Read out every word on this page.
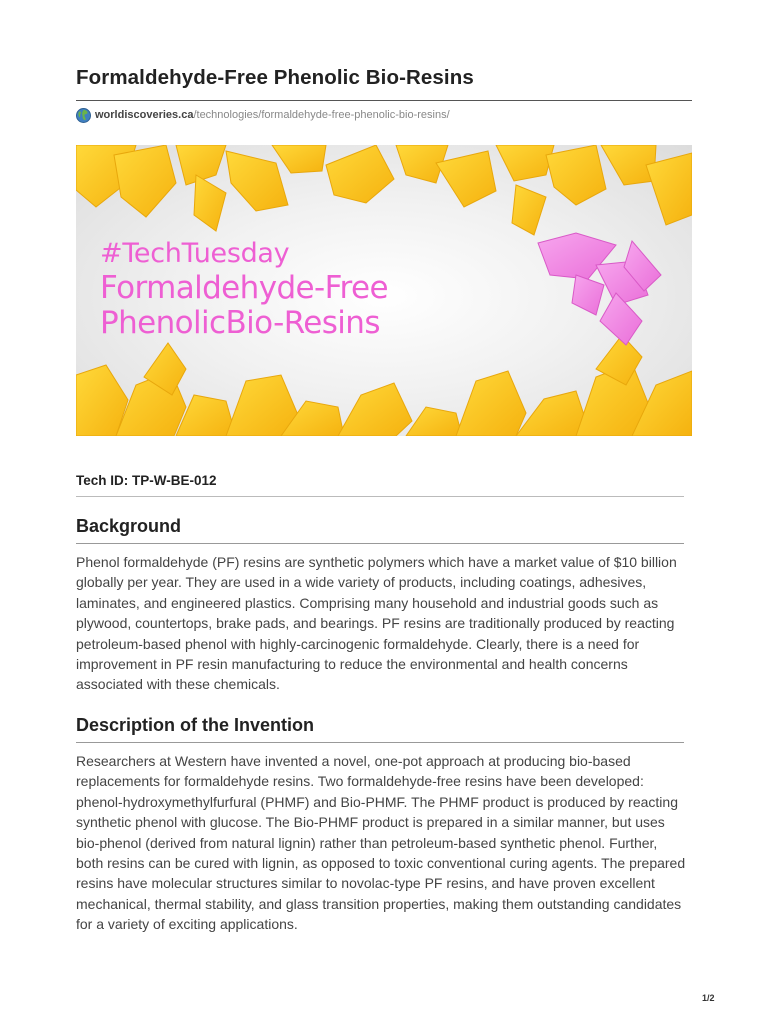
Formaldehyde-Free Phenolic Bio-Resins
worldiscoveries.ca /technologies/formaldehyde-free-phenolic-bio-resins/
#TechTuesday
Formaldehyde-Free
PhenolicBio-Resins
Tech ID: TP-W-BE-012
Background

Phenol formaldehyde (PF) resins are synthetic polymers which have a market value of $10 billion globally per year. They are used in a wide variety of products, including coatings, adhesives, laminates, and engineered plastics. Comprising many household and industrial goods such as plywood, countertops, brake pads, and bearings. PF resins are traditionally produced by reacting petroleum-based phenol with highly-carcinogenic formaldehyde. Clearly, there is a need for improvement in PF resin manufacturing to reduce the environmental and health concerns associated with these chemicals.

Description of the Invention

Researchers at Western have invented a novel, one-pot approach at producing bio-based replacements for formaldehyde resins. Two formaldehyde-free resins have been developed: phenol-hydroxymethylfurfural (PHMF) and Bio-PHMF. The PHMF product is produced by reacting synthetic phenol with glucose. The Bio-PHMF product is prepared in a similar manner, but uses bio-phenol (derived from natural lignin) rather than petroleum-based synthetic phenol. Further, both resins can be cured with lignin, as opposed to toxic conventional curing agents. The prepared resins have molecular structures similar to novolac-type PF resins, and have proven excellent mechanical, thermal stability, and glass transition properties, making them outstanding candidates for a variety of exciting applications.

1/2
